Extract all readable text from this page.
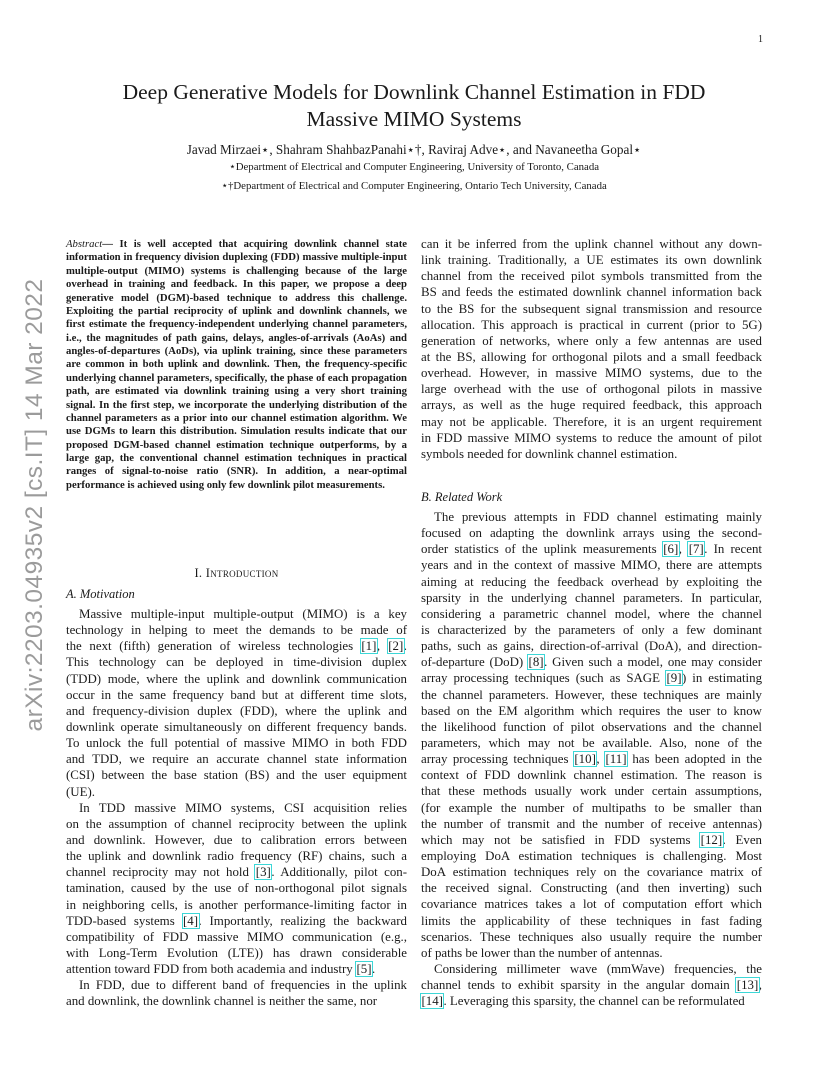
1
Deep Generative Models for Downlink Channel Estimation in FDD
Massive MIMO Systems
Javad Mirzaei⋆, Shahram ShahbazPanahi⋆†, Raviraj Adve⋆, and Navaneetha Gopal⋆
⋆Department of Electrical and Computer Engineering, University of Toronto, Canada
⋆†Department of Electrical and Computer Engineering, Ontario Tech University, Canada
arXiv:2203.04935v2 [cs.IT] 14 Mar 2022
Abstract— It is well accepted that acquiring downlink channel state information in frequency division duplexing (FDD) massive multiple-input multiple-output (MIMO) systems is challenging because of the large overhead in training and feedback. In this paper, we propose a deep generative model (DGM)-based technique to address this challenge. Exploiting the partial reciprocity of uplink and downlink channels, we first estimate the frequency-independent underlying channel parameters, i.e., the magnitudes of path gains, delays, angles-of-arrivals (AoAs) and angles-of-departures (AoDs), via uplink training, since these parameters are common in both uplink and downlink. Then, the frequency-specific underlying channel parameters, specifically, the phase of each propagation path, are estimated via downlink training using a very short training signal. In the first step, we incorporate the underlying distribution of the channel parameters as a prior into our channel estimation algorithm. We use DGMs to learn this distribution. Simulation results indicate that our proposed DGM-based channel estimation technique outperforms, by a large gap, the conventional channel estimation techniques in practical ranges of signal-to-noise ratio (SNR). In addition, a near-optimal performance is achieved using only few downlink pilot measurements.
I. Introduction
A. Motivation
B. Related Work
Massive multiple-input multiple-output (MIMO) is a key
technology in helping to meet the demands to be made of
the next (fifth) generation of wireless technologies [1], [2].
This technology can be deployed in time-division duplex
(TDD) mode, where the uplink and downlink communication
occur in the same frequency band but at different time slots,
and frequency-division duplex (FDD), where the uplink and
downlink operate simultaneously on different frequency bands.
To unlock the full potential of massive MIMO in both FDD
and TDD, we require an accurate channel state information
(CSI) between the base station (BS) and the user equipment
(UE).
In TDD massive MIMO systems, CSI acquisition relies
on the assumption of channel reciprocity between the uplink
and downlink. However, due to calibration errors between
the uplink and downlink radio frequency (RF) chains, such a
channel reciprocity may not hold [3]. Additionally, pilot con-
tamination, caused by the use of non-orthogonal pilot signals
in neighboring cells, is another performance-limiting factor in
TDD-based systems [4]. Importantly, realizing the backward
compatibility of FDD massive MIMO communication (e.g.,
with Long-Term Evolution (LTE)) has drawn considerable
attention toward FDD from both academia and industry [5].
In FDD, due to different band of frequencies in the uplink
and downlink, the downlink channel is neither the same, nor
can it be inferred from the uplink channel without any down-
link training. Traditionally, a UE estimates its own downlink
channel from the received pilot symbols transmitted from the
BS and feeds the estimated downlink channel information back
to the BS for the subsequent signal transmission and resource
allocation. This approach is practical in current (prior to 5G)
generation of networks, where only a few antennas are used
at the BS, allowing for orthogonal pilots and a small feedback
overhead. However, in massive MIMO systems, due to the
large overhead with the use of orthogonal pilots in massive
arrays, as well as the huge required feedback, this approach
may not be applicable. Therefore, it is an urgent requirement
in FDD massive MIMO systems to reduce the amount of pilot
symbols needed for downlink channel estimation.
The previous attempts in FDD channel estimating mainly
focused on adapting the downlink arrays using the second-
order statistics of the uplink measurements [6], [7]. In recent
years and in the context of massive MIMO, there are attempts
aiming at reducing the feedback overhead by exploiting the
sparsity in the underlying channel parameters. In particular,
considering a parametric channel model, where the channel
is characterized by the parameters of only a few dominant
paths, such as gains, direction-of-arrival (DoA), and direction-
of-departure (DoD) [8]. Given such a model, one may consider
array processing techniques (such as SAGE [9]) in estimating
the channel parameters. However, these techniques are mainly
based on the EM algorithm which requires the user to know
the likelihood function of pilot observations and the channel
parameters, which may not be available. Also, none of the
array processing techniques [10], [11] has been adopted in the
context of FDD downlink channel estimation. The reason is
that these methods usually work under certain assumptions,
(for example the number of multipaths to be smaller than
the number of transmit and the number of receive antennas)
which may not be satisfied in FDD systems [12]. Even
employing DoA estimation techniques is challenging. Most
DoA estimation techniques rely on the covariance matrix of
the received signal. Constructing (and then inverting) such
covariance matrices takes a lot of computation effort which
limits the applicability of these techniques in fast fading
scenarios. These techniques also usually require the number
of paths be lower than the number of antennas.
Considering millimeter wave (mmWave) frequencies, the
channel tends to exhibit sparsity in the angular domain [13],
[14]. Leveraging this sparsity, the channel can be reformulated
